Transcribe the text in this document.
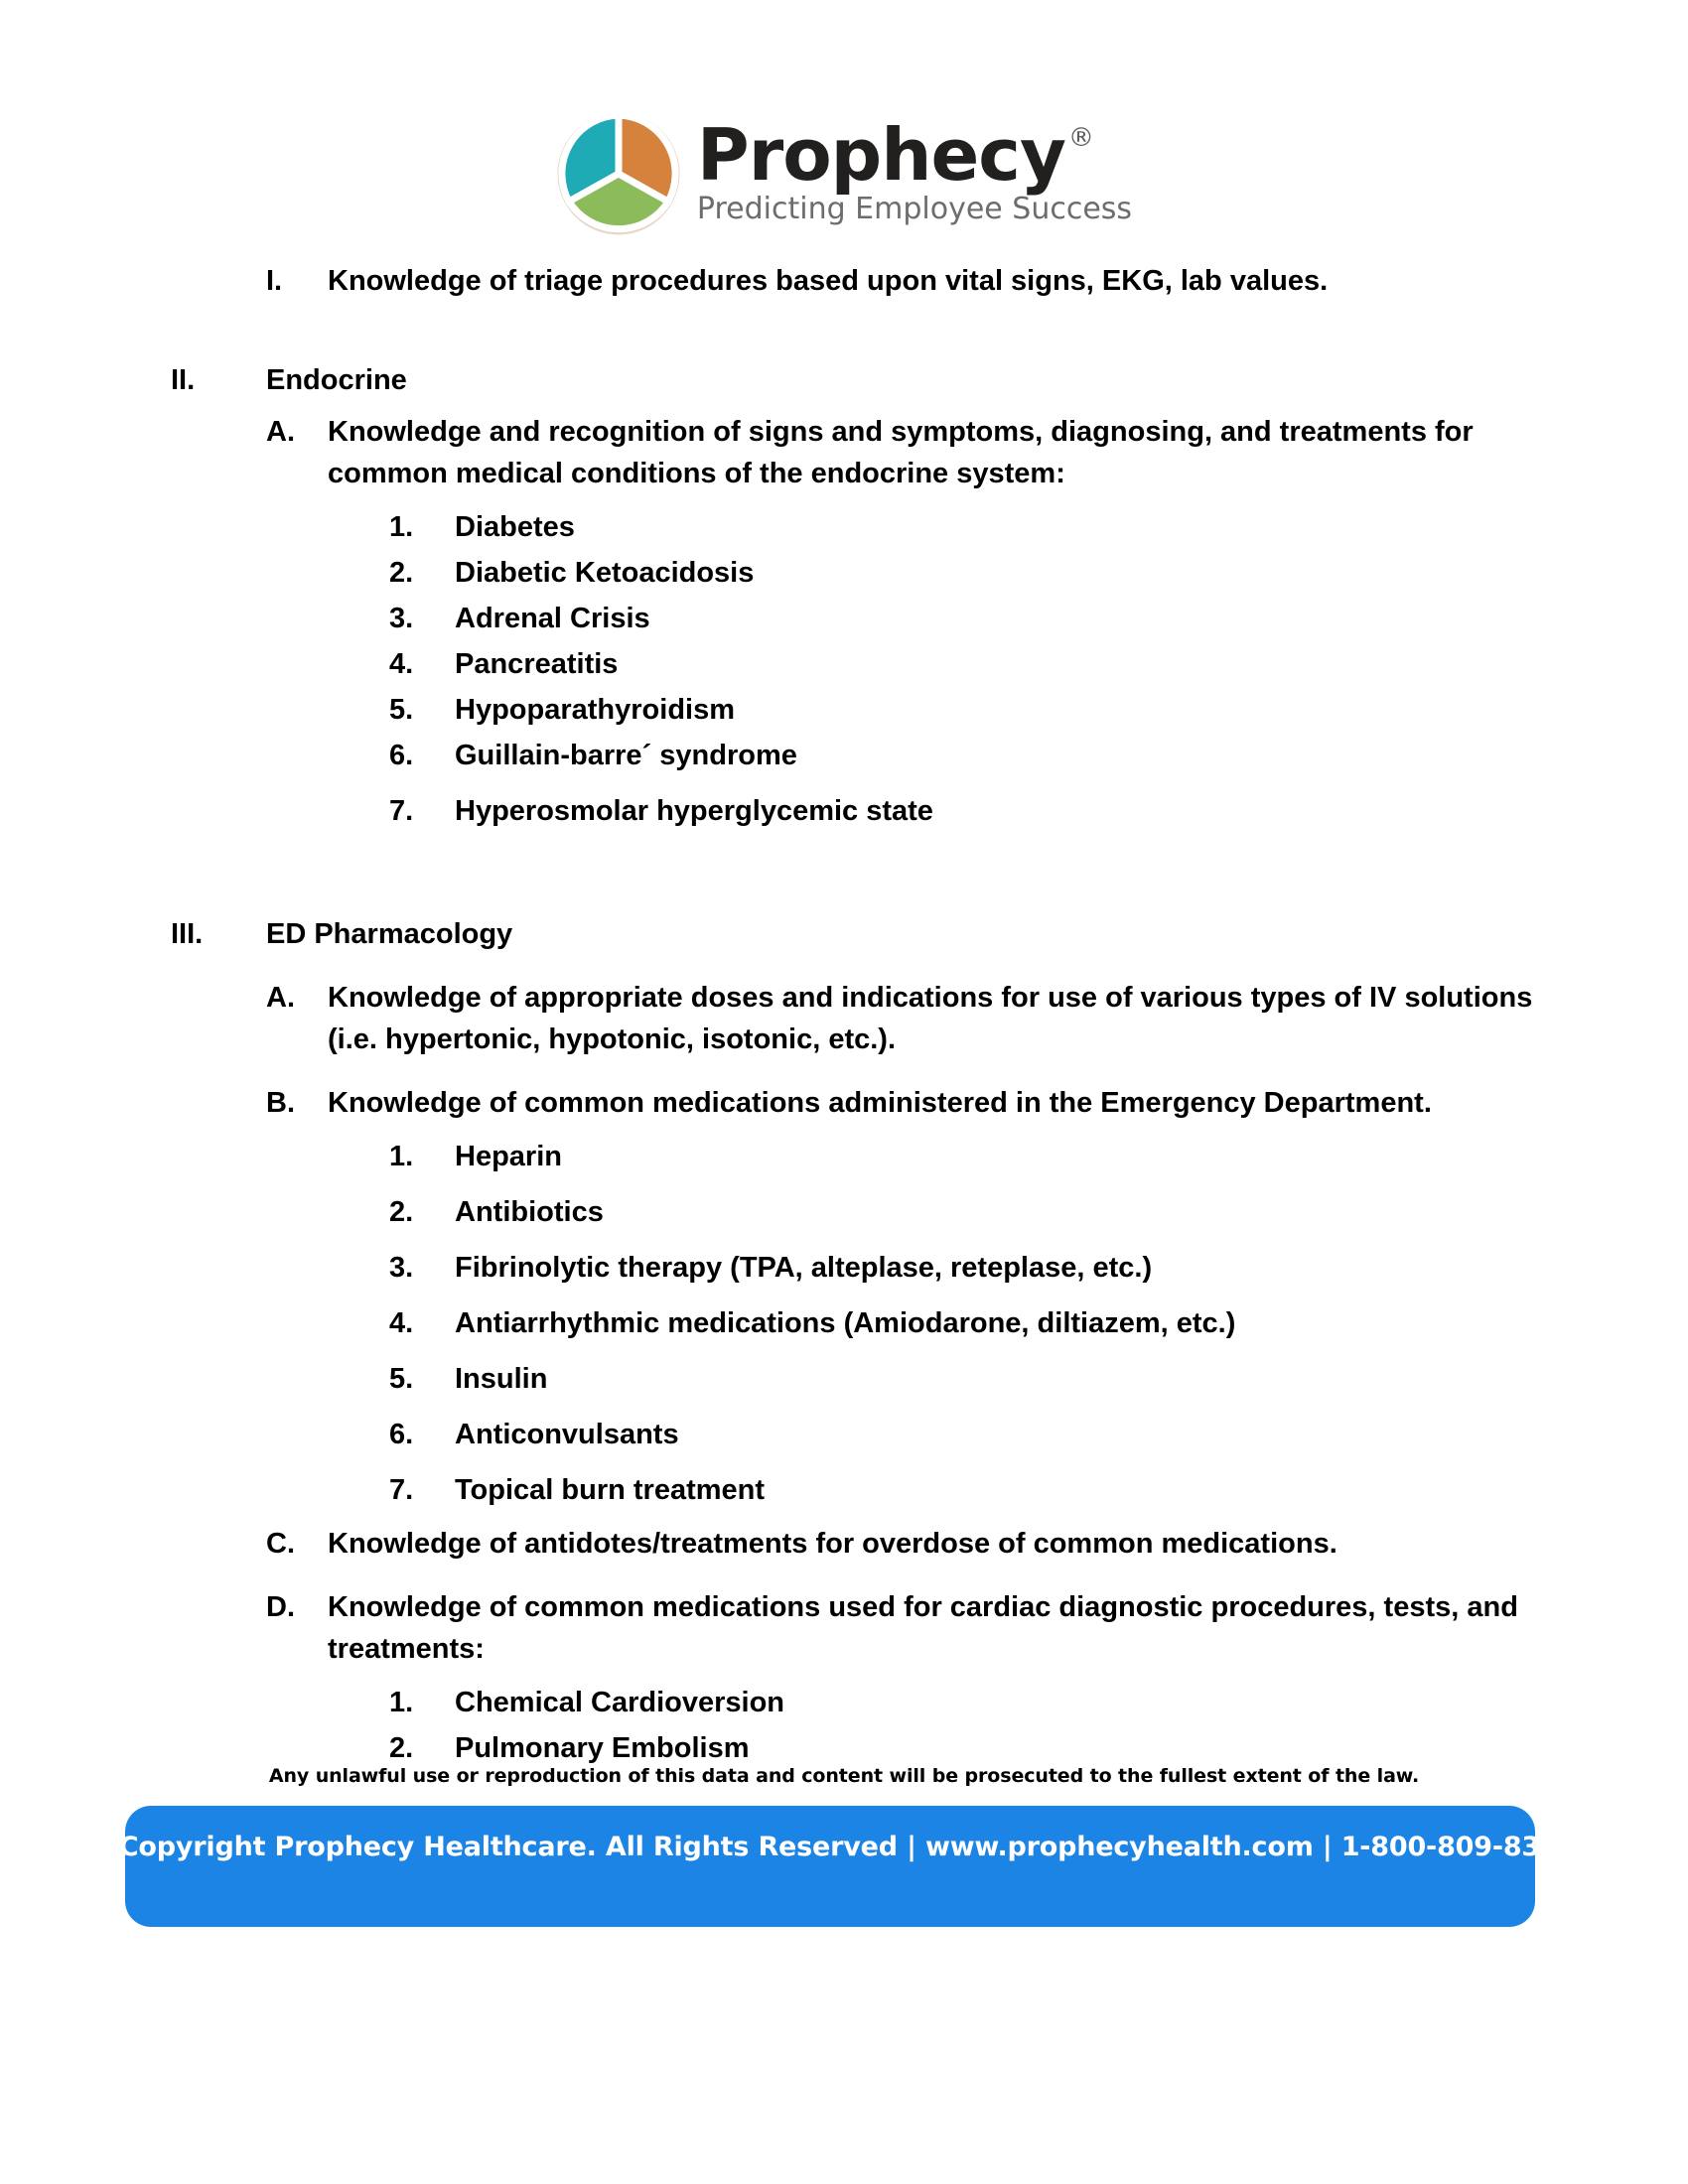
Prophecy ®
Predicting Employee Success
I.	Knowledge of triage procedures based upon vital signs, EKG, lab values.
II.	Endocrine
A.	Knowledge and recognition of signs and symptoms, diagnosing, and treatments for common medical conditions of the endocrine system:
1.	Diabetes
2.	Diabetic Ketoacidosis
3.	Adrenal Crisis
4.	Pancreatitis
5.	Hypoparathyroidism
6.	Guillain-barre´ syndrome
7.	Hyperosmolar hyperglycemic state
III.	ED Pharmacology
A.	Knowledge of appropriate doses and indications for use of various types of IV solutions (i.e. hypertonic, hypotonic, isotonic, etc.).
B.	Knowledge of common medications administered in the Emergency Department.
1.	Heparin
2.	Antibiotics
3.	Fibrinolytic therapy (TPA, alteplase, reteplase, etc.)
4.	Antiarrhythmic medications (Amiodarone, diltiazem, etc.)
5.	Insulin
6.	Anticonvulsants
7.	Topical burn treatment
C.	Knowledge of antidotes/treatments for overdose of common medications.
D.	Knowledge of common medications used for cardiac diagnostic procedures, tests, and treatments:
1.	Chemical Cardioversion
2.	Pulmonary Embolism
Any unlawful use or reproduction of this data and content will be prosecuted to the fullest extent of the law.
© Copyright Prophecy Healthcare. All Rights Reserved | www.prophecyhealth.com | 1-800-809-8378
